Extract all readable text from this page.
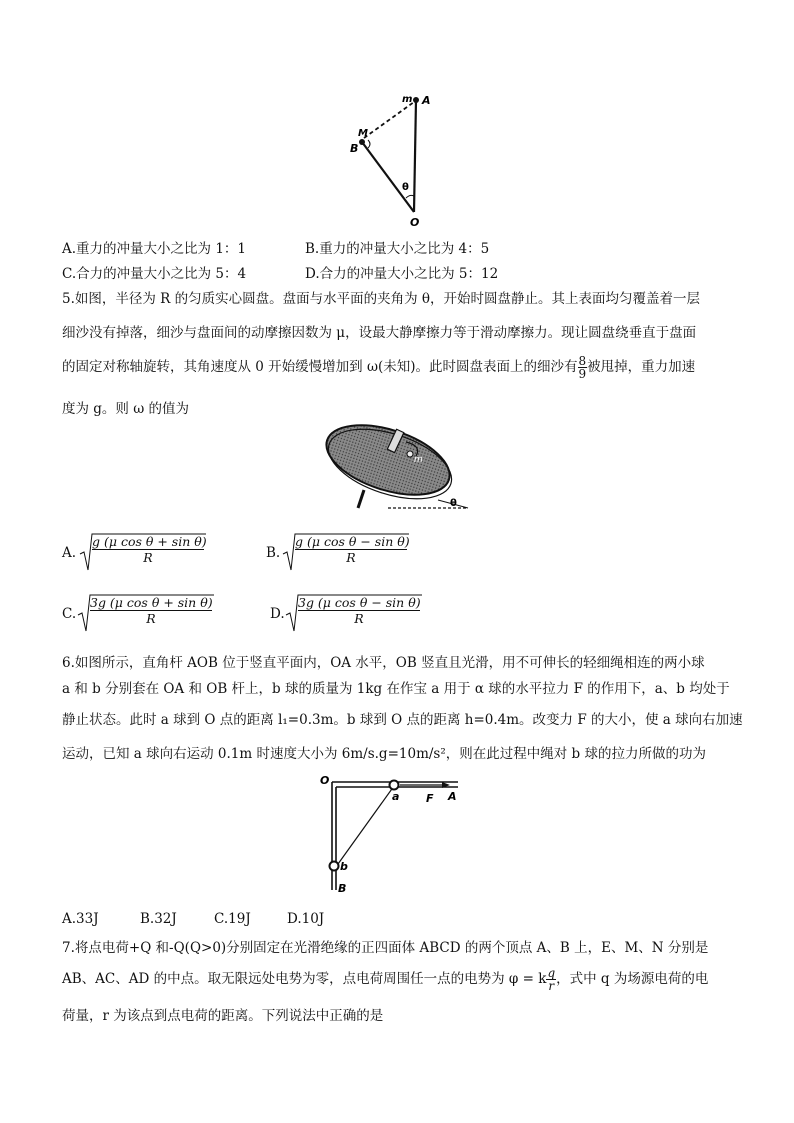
m A
M
B
θ
O
A.重力的冲量大小之比为 1：1	B.重力的冲量大小之比为 4：5
C.合力的冲量大小之比为 5：4	D.合力的冲量大小之比为 5：12
5.如图，半径为 R 的匀质实心圆盘。盘面与水平面的夹角为 θ，开始时圆盘静止。其上表面均匀覆盖着一层
细沙没有掉落，细沙与盘面间的动摩擦因数为 μ，设最大静摩擦力等于滑动摩擦力。现让圆盘绕垂直于盘面
的固定对称轴旋转，其角速度从 0 开始缓慢增加到 ω(未知)。此时圆盘表面上的细沙有 $\frac{8}{9}$ 被甩掉，重力加速
度为 g。则 ω 的值为
m
θ
A. $\frac{\text{g (μ cos θ + sin θ)}}{R}$	B. $\frac{\text{g (μ cos θ − sin θ)}}{R}$
C. $\frac{\text{3g (μ cos θ + sin θ)}}{R}$	D. $\frac{\text{3g (μ cos θ − sin θ)}}{R}$
6.如图所示，直角杆 AOB 位于竖直平面内，OA 水平，OB 竖直且光滑，用不可伸长的轻细绳相连的两小球
a 和 b 分别套在 OA 和 OB 杆上，b 球的质量为 1kg 在作宝 a 用于 α 球的水平拉力 F 的作用下，a、b 均处于
静止状态。此时 a 球到 O 点的距离 l₁=0.3m。b 球到 O 点的距离 h=0.4m。改变力 F 的大小，使 a 球向右加速
运动，已知 a 球向右运动 0.1m 时速度大小为 6m/s.g=10m/s²，则在此过程中绳对 b 球的拉力所做的功为
O
a F A
b
B
A.33J	B.32J	C.19J	D.10J
7.将点电荷+Q 和-Q(Q>0)分别固定在光滑绝缘的正四面体 ABCD 的两个顶点 A、B 上，E、M、N 分别是
AB、AC、AD 的中点。取无限远处电势为零，点电荷周围任一点的电势为 φ = k $\frac{q}{r}$ ，式中 q 为场源电荷的电
荷量，r 为该点到点电荷的距离。下列说法中正确的是
